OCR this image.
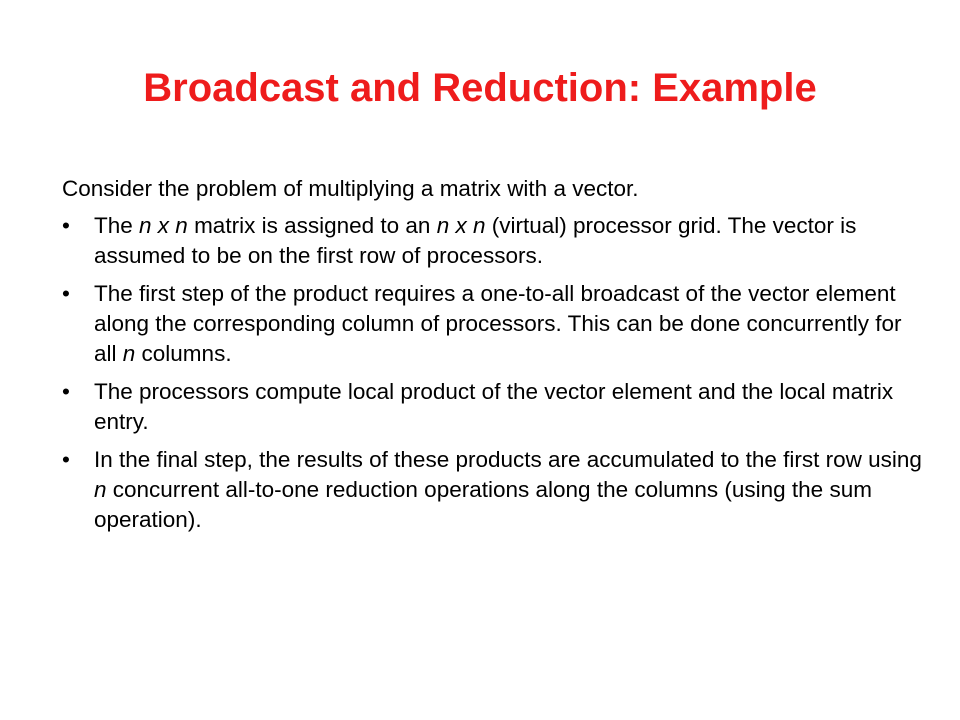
Broadcast and Reduction: Example

Consider the problem of multiplying a matrix with a vector.

• The n x n matrix is assigned to an n x n (virtual) processor grid. The vector is assumed to be on the first row of processors.
• The first step of the product requires a one-to-all broadcast of the vector element along the corresponding column of processors. This can be done concurrently for all n columns.
• The processors compute local product of the vector element and the local matrix entry.
• In the final step, the results of these products are accumulated to the first row using n concurrent all-to-one reduction operations along the columns (using the sum operation).
